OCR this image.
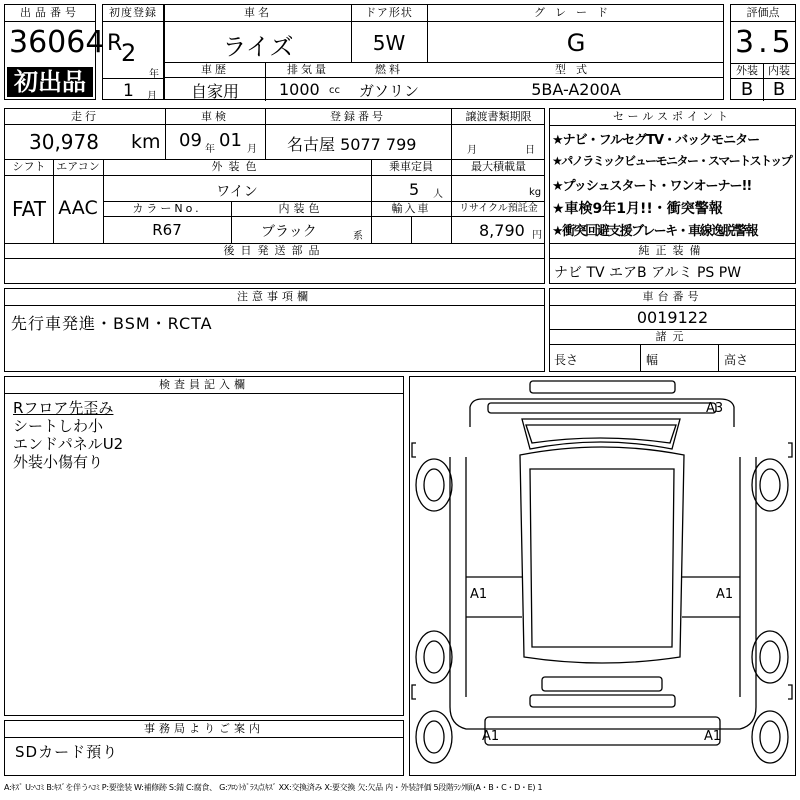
出品番号
36064
初出品
初度登録
R
2
年
1 月
車名	ドア形状	グレード
ライズ	5W	G
車歴	排気量	燃料	型式
自家用	1000 cc	ガソリン	5BA-A200A
評価点
3.5
外装 内装
B	B
走行	車検	登録番号	譲渡書類期限
30,978 km 09 年 01 月 名古屋 5077 799	月	日
シフト エアコン
FAT AAC
外装色	乗車定員	最大積載量
ワイン	5 人	kg
カラーNo.	内装色	輸入車	リサイクル預託金
R67	ブラック	系	8,790 円
後日発送部品
セールスポイント
★ナビ・フルセグTV・バックモニター
★パノラミックビューモニター・スマートストップ
★プッシュスタート・ワンオーナー!!
★車検9年1月!!・衝突警報
★衝突回避支援ブレーキ・車線逸脱警報
純正装備
ナビ TV エアB アルミ PS PW
注意事項欄
先行車発進・BSM・RCTA
車台番号
0019122
諸元
長さ	幅	高さ
検査員記入欄
Rフロア先歪み
シートしわ小
エンドパネルU2
外装小傷有り
事務局よりご案内
SDカード預り
A3
A1	A1
A1	A1
A:ｷｽﾞ U:ﾍｺﾐ B:ｷｽﾞを伴うﾍｺﾐ P:要塗装 W:補修跡 S:錆 C:腐食、 G:ﾌﾛﾝﾄｶﾞﾗｽ点ｷｽﾞ XX:交換済み X:要交換 欠:欠品 内・外装評価 5段階ﾗﾝｸ順(A・B・C・D・E) 1
